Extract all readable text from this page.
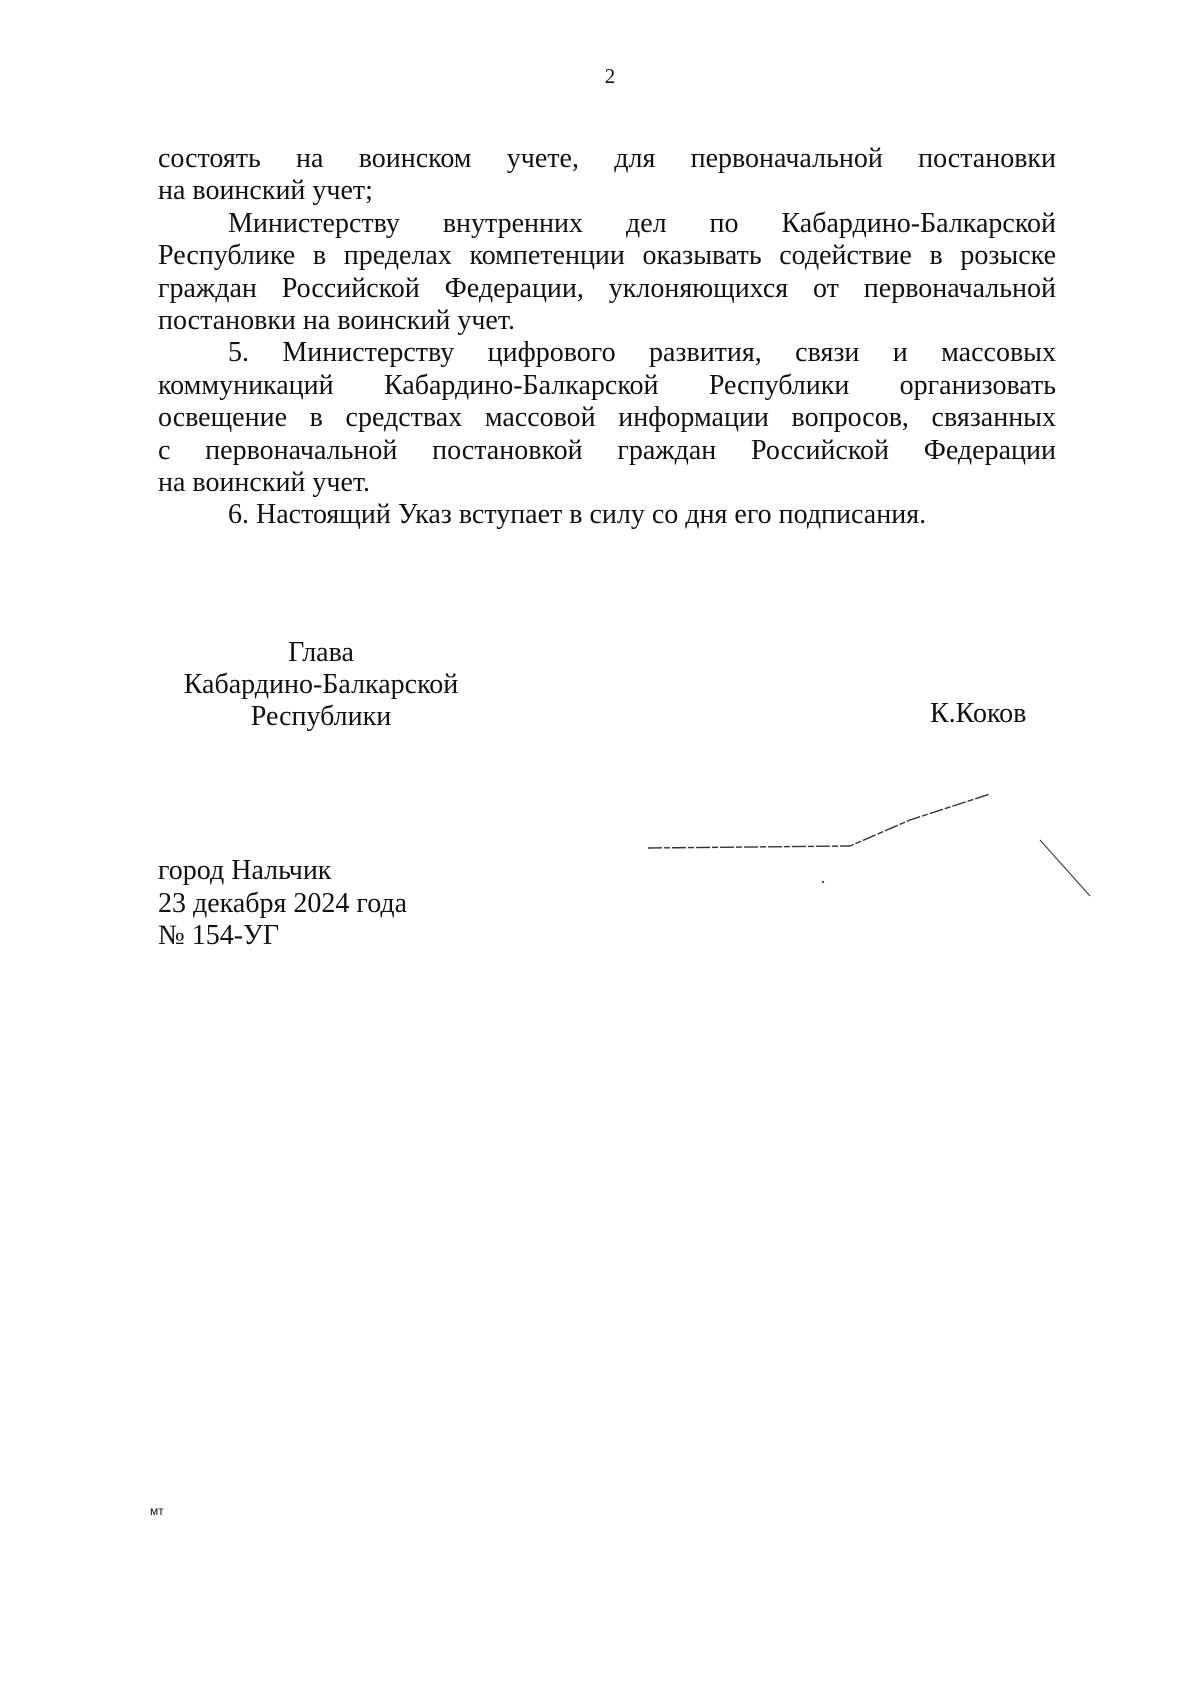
2

состоять на воинском учете, для первоначальной постановки
на воинский учет;

Министерству внутренних дел по Кабардино-Балкарской
Республике в пределах компетенции оказывать содействие в розыске
гpаждан Российской Федерации, уклоняющихся от первоначальной
постановки на воинский учет.

5. Министерству цифрового развития, связи и массовых
коммуникаций Кабардино-Балкарской Республики организовать
освещение в средствах массовой информации вопросов, связанных
с первоначальной постановкой граждан Российской Федерации
на воинский учет.

6. Настоящий Указ вступает в силу со дня его подписания.

Глава
Кабардино-Балкарской
Республики	К.Коков
город Нальчик
23 декабря 2024 года
№ 154-УГ
мт
